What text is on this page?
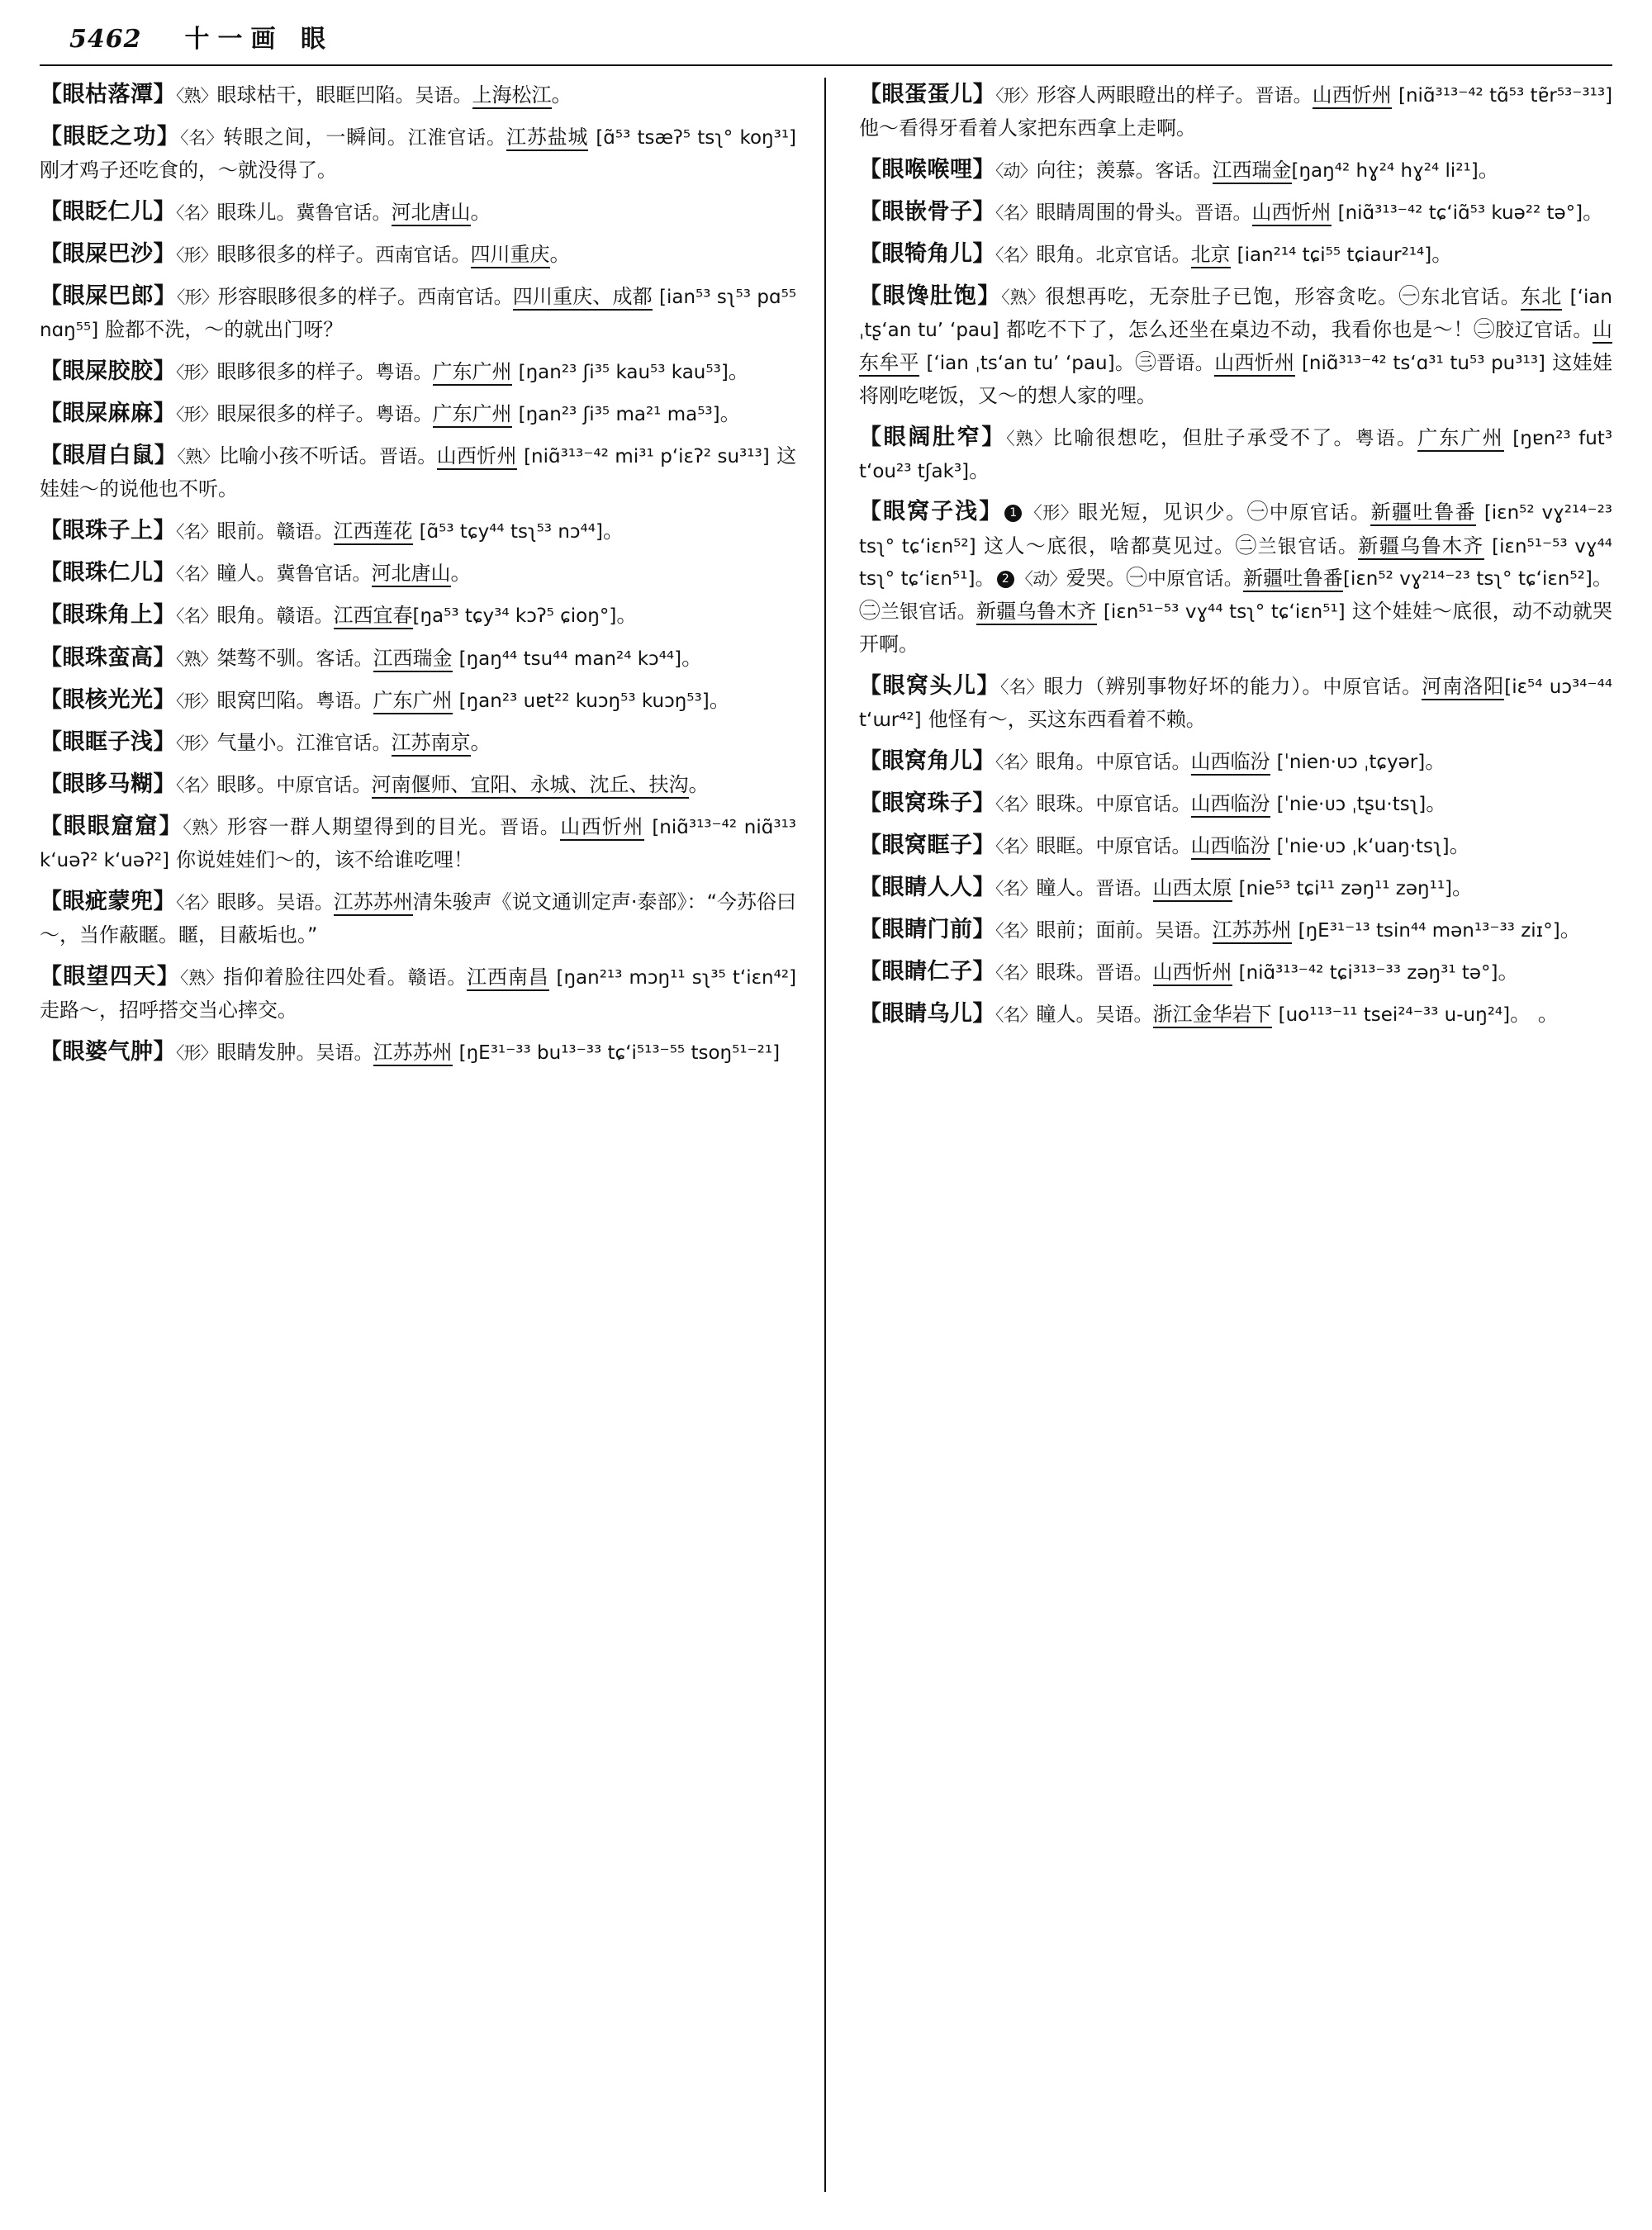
5462 十一画 眼
【眼枯落潭】〈熟〉眼球枯干，眼眶凹陷。吴语。上海松江。
【眼眨之功】〈名〉转眼之间，一瞬间。江淮官话。江苏盐城 [ɑ̃⁵³ tsæʔ⁵ tsʅ° koŋ³¹] 刚才鸡子还吃食的，～就没得了。
【眼眨仁儿】〈名〉眼珠儿。冀鲁官话。河北唐山。
【眼屎巴沙】〈形〉眼眵很多的样子。西南官话。四川重庆。
【眼屎巴郎】〈形〉形容眼眵很多的样子。西南官话。四川重庆、成都 [ian⁵³ sʅ⁵³ pɑ⁵⁵ nɑŋ⁵⁵] 脸都不洗，～的就出门呀？
【眼屎胶胶】〈形〉眼眵很多的样子。粤语。广东广州 [ŋan²³ ʃi³⁵ kau⁵³ kau⁵³]。
【眼屎麻麻】〈形〉眼屎很多的样子。粤语。广东广州 [ŋan²³ ʃi³⁵ ma²¹ ma⁵³]。
【眼眉白鼠】〈熟〉比喻小孩不听话。晋语。山西忻州 [niɑ̃³¹³⁻⁴² mi³¹ pʻiɛʔ² su³¹³] 这娃娃～的说他也不听。
【眼珠子上】〈名〉眼前。赣语。江西莲花 [ɑ̃⁵³ tɕy⁴⁴ tsʅ⁵³ nɔ⁴⁴]。
【眼珠仁儿】〈名〉瞳人。冀鲁官话。河北唐山。
【眼珠角上】〈名〉眼角。赣语。江西宜春[ŋa⁵³ tɕy³⁴ kɔʔ⁵ ɕioŋ°]。
【眼珠蛮高】〈熟〉桀骜不驯。客话。江西瑞金 [ŋaŋ⁴⁴ tsu⁴⁴ man²⁴ kɔ⁴⁴]。
【眼核光光】〈形〉眼窝凹陷。粤语。广东广州 [ŋan²³ uɐt²² kuɔŋ⁵³ kuɔŋ⁵³]。
【眼眶子浅】〈形〉气量小。江淮官话。江苏南京。
【眼眵马糊】〈名〉眼眵。中原官话。河南偃师、宜阳、永城、沈丘、扶沟。
【眼眼窟窟】〈熟〉形容一群人期望得到的目光。晋语。山西忻州 [niɑ̃³¹³⁻⁴² niɑ̃³¹³ kʻuəʔ² kʻuəʔ²] 你说娃娃们～的，该不给谁吃哩！
【眼疵蒙兜】〈名〉眼眵。吴语。江苏苏州清朱骏声《说文通训定声·泰部》：“今苏俗曰～，当作蔽䁥。䁥，目蔽垢也。”
【眼望四天】〈熟〉指仰着脸往四处看。赣语。江西南昌 [ŋan²¹³ mɔŋ¹¹ sʅ³⁵ tʻiɛn⁴²] 走路～，招呼搭交当心摔交。
【眼婆气肿】〈形〉眼睛发肿。吴语。江苏苏州 [ŋE³¹⁻³³ bu¹³⁻³³ tɕʻi⁵¹³⁻⁵⁵ tsoŋ⁵¹⁻²¹]
【眼蛋蛋儿】〈形〉形容人两眼瞪出的样子。晋语。山西忻州 [niɑ̃³¹³⁻⁴² tɑ̃⁵³ tɐ̃r⁵³⁻³¹³] 他～看得牙看着人家把东西拿上走啊。
【眼喉喉哩】〈动〉向往；羡慕。客话。江西瑞金[ŋaŋ⁴² hɣ²⁴ hɣ²⁴ li²¹]。
【眼嵌骨子】〈名〉眼睛周围的骨头。晋语。山西忻州 [niɑ̃³¹³⁻⁴² tɕʻiɑ̃⁵³ kuə²² tə°]。
【眼犄角儿】〈名〉眼角。北京官话。北京 [ian²¹⁴ tɕi⁵⁵ tɕiaur²¹⁴]。
【眼馋肚饱】〈熟〉很想再吃，无奈肚子已饱，形容贪吃。㊀东北官话。东北 [ʻian ˌtʂʻan tuʼ ʻpau] 都吃不下了，怎么还坐在桌边不动，我看你也是～！㊁胶辽官话。山东牟平 [ʻian ˌtsʻan tuʼ ʻpau]。㊂晋语。山西忻州 [niɑ̃³¹³⁻⁴² tsʻɑ³¹ tu⁵³ pu³¹³] 这娃娃将刚吃咾饭，又～的想人家的哩。
【眼阔肚窄】〈熟〉比喻很想吃，但肚子承受不了。粤语。广东广州 [ŋɐn²³ fut³ tʻou²³ tʃak³]。
【眼窝子浅】 1 〈形〉眼光短，见识少。㊀中原官话。新疆吐鲁番 [iɛn⁵² vɣ²¹⁴⁻²³ tsʅ° tɕʻiɛn⁵²] 这人～底很，啥都莫见过。㊁兰银官话。新疆乌鲁木齐 [iɛn⁵¹⁻⁵³ vɣ⁴⁴ tsʅ° tɕʻiɛn⁵¹]。 2 〈动〉爱哭。㊀中原官话。新疆吐鲁番[iɛn⁵² vɣ²¹⁴⁻²³ tsʅ° tɕʻiɛn⁵²]。㊁兰银官话。新疆乌鲁木齐 [iɛn⁵¹⁻⁵³ vɣ⁴⁴ tsʅ° tɕʻiɛn⁵¹] 这个娃娃～底很，动不动就哭开啊。
【眼窝头儿】〈名〉眼力（辨别事物好坏的能力）。中原官话。河南洛阳[iɛ⁵⁴ uɔ³⁴⁻⁴⁴ tʻɯr⁴²] 他怪有～，买这东西看着不赖。
【眼窝角儿】〈名〉眼角。中原官话。山西临汾 [ˈnien·ᴜɔ ˌtɕyər]。
【眼窝珠子】〈名〉眼珠。中原官话。山西临汾 [ˈnie·ᴜɔ ˌtʂu·tsʅ]。
【眼窝眶子】〈名〉眼眶。中原官话。山西临汾 [ˈnie·ᴜɔ ˌkʻuaŋ·tsʅ]。
【眼睛人人】〈名〉瞳人。晋语。山西太原 [nie⁵³ tɕi¹¹ zəŋ¹¹ zəŋ¹¹]。
【眼睛门前】〈名〉眼前；面前。吴语。江苏苏州 [ŋE³¹⁻¹³ tsin⁴⁴ mən¹³⁻³³ ziɪ°]。
【眼睛仁子】〈名〉眼珠。晋语。山西忻州 [niɑ̃³¹³⁻⁴² tɕi³¹³⁻³³ zəŋ³¹ tə°]。
【眼睛乌儿】〈名〉瞳人。吴语。浙江金华岩下 [uo¹¹³⁻¹¹ tsei²⁴⁻³³ u-uŋ²⁴]。 。
